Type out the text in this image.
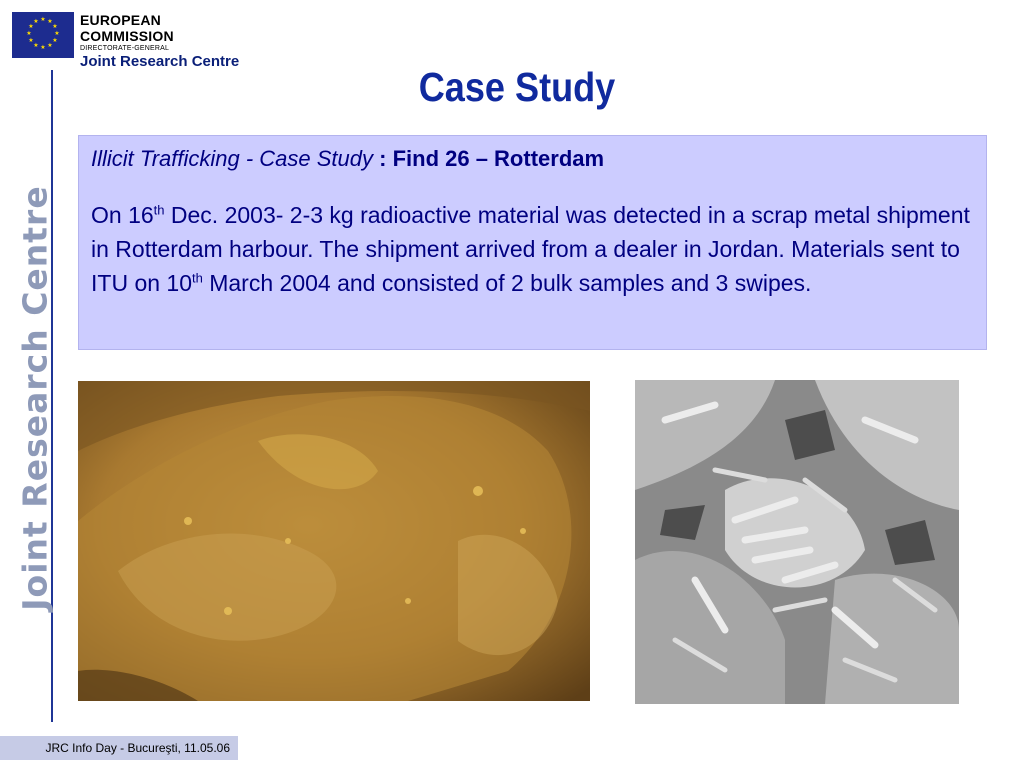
★ ★
★
★
★
★
★
★
★
★
★
★	EUROPEAN COMMISSION
DIRECTORATE-GENERAL
Joint Research Centre
Joint Research Centre
Case Study
Illicit Trafficking - Case Study : Find 26 – Rotterdam
On 16th Dec. 2003- 2-3 kg radioactive material was detected in a scrap metal shipment in Rotterdam harbour. The shipment arrived from a dealer in Jordan. Materials sent to ITU on 10th March 2004 and consisted of 2 bulk samples and 3 swipes.
JRC Info Day - Bucureşti, 11.05.06
